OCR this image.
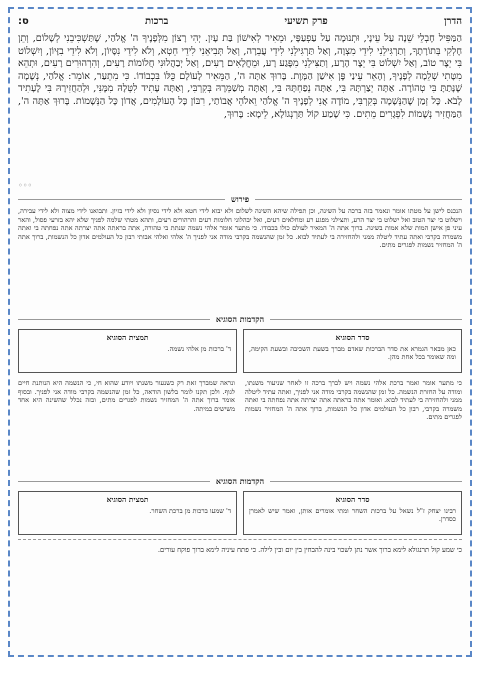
הדרן
פרק תשיעי
ברכות
ס:
הַמַּפִּיל חֶבְלֵי שֵׁנָה עַל עֵינָי, וּתְנוּמָה עַל עַפְעַפָּי, וּמֵאִיר לְאִישׁוֹן בַּת עָיִן. יְהִי רָצוֹן מִלְּפָנֶיךָ ה' אֱלֹהַי, שֶׁתַּשְׁכִּיבֵנִי לְשָׁלוֹם, וְתֵן חֶלְקִי בְּתוֹרָתֶךָ, וְתַרְגִּילֵנִי לִידֵי מִצְוָה, וְאַל תַּרְגִּילֵנִי לִידֵי עֲבֵרָה, וְאַל תְּבִיאֵנִי לִידֵי חֵטְא, וְלֹא לִידֵי נִסָּיוֹן, וְלֹא לִידֵי בִזָּיוֹן, וְיִשְׁלוֹט בִּי יֵצֶר טוֹב, וְאַל יִשְׁלוֹט בִּי יֵצֶר הָרָע, וְתַצִּילֵנִי מִפֶּגַע רָע, וּמֵחֳלָאִים רָעִים, וְאַל יְבַהֲלוּנִי חֲלוֹמוֹת רָעִים, וְהִרְהוּרִים רָעִים, וּתְהֵא מִטָּתִי שְׁלֵמָה לְפָנֶיךָ, וְהָאֵר עֵינַי פֶּן אִישַׁן הַמָּוֶת. בָּרוּךְ אַתָּה ה', הַמֵּאִיר לָעוֹלָם כֻּלּוֹ בִּכְבוֹדוֹ. כִּי מִתְעַר, אוֹמֵר: אֱלֹהַי, נְשָׁמָה שֶׁנָּתַתָּ בִּי טְהוֹרָה. אַתָּה יְצַרְתָּהּ בִּי, אַתָּה נְפַחְתָּהּ בִּי, וְאַתָּה מְשַׁמְּרָהּ בְּקִרְבִּי, וְאַתָּה עָתִיד לִטְּלָהּ מִמֶּנִּי, וּלְהַחֲזִירָהּ בִּי לֶעָתִיד לָבֹא. כָּל זְמַן שֶׁהַנְּשָׁמָה בְּקִרְבִּי, מוֹדֶה אֲנִי לְפָנֶיךָ ה' אֱלֹהַי וֵאלֹהֵי אֲבוֹתַי, רִבּוֹן כָּל הָעוֹלָמִים, אֲדוֹן כָּל הַנְּשָׁמוֹת. בָּרוּךְ אַתָּה ה', הַמַּחֲזִיר נְשָׁמוֹת לִפְגָרִים מֵתִים. כִּי שָׁמַע קוֹל תַּרְנְגוֹלָא, לֵימָא: בָּרוּךְ,
◦◦◦
פירוש
הנכנס לישן על מטתו אומר ונאמר בזה ברכה על השינה, וכן תפילה שיהא השינה לשלום ולא יבוא לידי חטא ולא לידי נסיון ולא לידי בזיון. ותבואנו לידי מצוה ולא לידי עבירה, וישלוט בי יצר הטוב ואל ישלוט בי יצר הרע, ותצילני מפגע רע ומחלאים רעים, ואל יבהלוני חלומות רעים והרהורים רעים, ותהא מטתי שלמה לפניך שלא יהא בזרעי פסול, והאר עיני פן אישן המות שלא אמות בשינה. ברוך אתה ה' המאיר לעולם כולו בכבודו. כי מתער אומר אלהי נשמה שנתת בי טהורה, אתה בראתה אתה יצרתה אתה נפחתה בי ואתה משמרה בקרבי ואתה עתיד ליטלה ממני ולהחזירה בי לעתיד לבוא. כל זמן שהנשמה בקרבי מודה אני לפניך ה' אלהי ואלהי אבותי רבון כל העולמים אדון כל הנשמות, ברוך אתה ה' המחזיר נשמות לפגרים מתים.
הקדמות הסוגיא
סדר הסוגיא

כאן מבאר הגמרא את סדר הברכות שאדם מברך בשעת השכיבה ובשעת הקימה, ומה שאומר בכל אחת מהן.

תמצית הסוגיא

ד' ברכות מן אלהי נשמה.

כי מתער אומר ואמר ברכת אלהי נשמה ויש לברך ברכה זו לאחר שניעור משנתו, ומודה על החזרת הנשמה. כל זמן שהנשמה בקרבי מודה אני לפניך, ואתה עתיד ליטלה ממני ולהחזירה בי לעתיד לבוא. ואומר אתה בראתה אתה יצרתה אתה נפחתה בי ואתה משמרה בקרבי, רבון כל העולמים אדון כל הנשמות, ברוך אתה ה' המחזיר נשמות לפגרים מתים.
ונראה שמברך זאת רק כשנעור משנתו ויודע שהוא חי, כי הנשמה היא הנותנת חיים לגוף. ולכן תקנו לומר בלשון הודאה, כל זמן שהנשמה בקרבי מודה אני לפניך. ובסוף אומר ברוך אתה ה' המחזיר נשמות לפגרים מתים, ובזה נכלל שהשינה היא אחד משישים במיתה.
הקדמות הסוגיא
סדר הסוגיא

רבינו יצחק ז"ל נשאל על ברכות השחר ומתי אומרים אותן, ואמר שיש לאמרן כסדרן.

תמצית הסוגיא

ד' שמעו ברכות מן ברכת השחר.

כי שמע קול תרנגולא לימא ברוך אשר נתן לשכוי בינה להבחין בין יום ובין לילה. כי פתח עיניה לימא ברוך פוקח עורים.
